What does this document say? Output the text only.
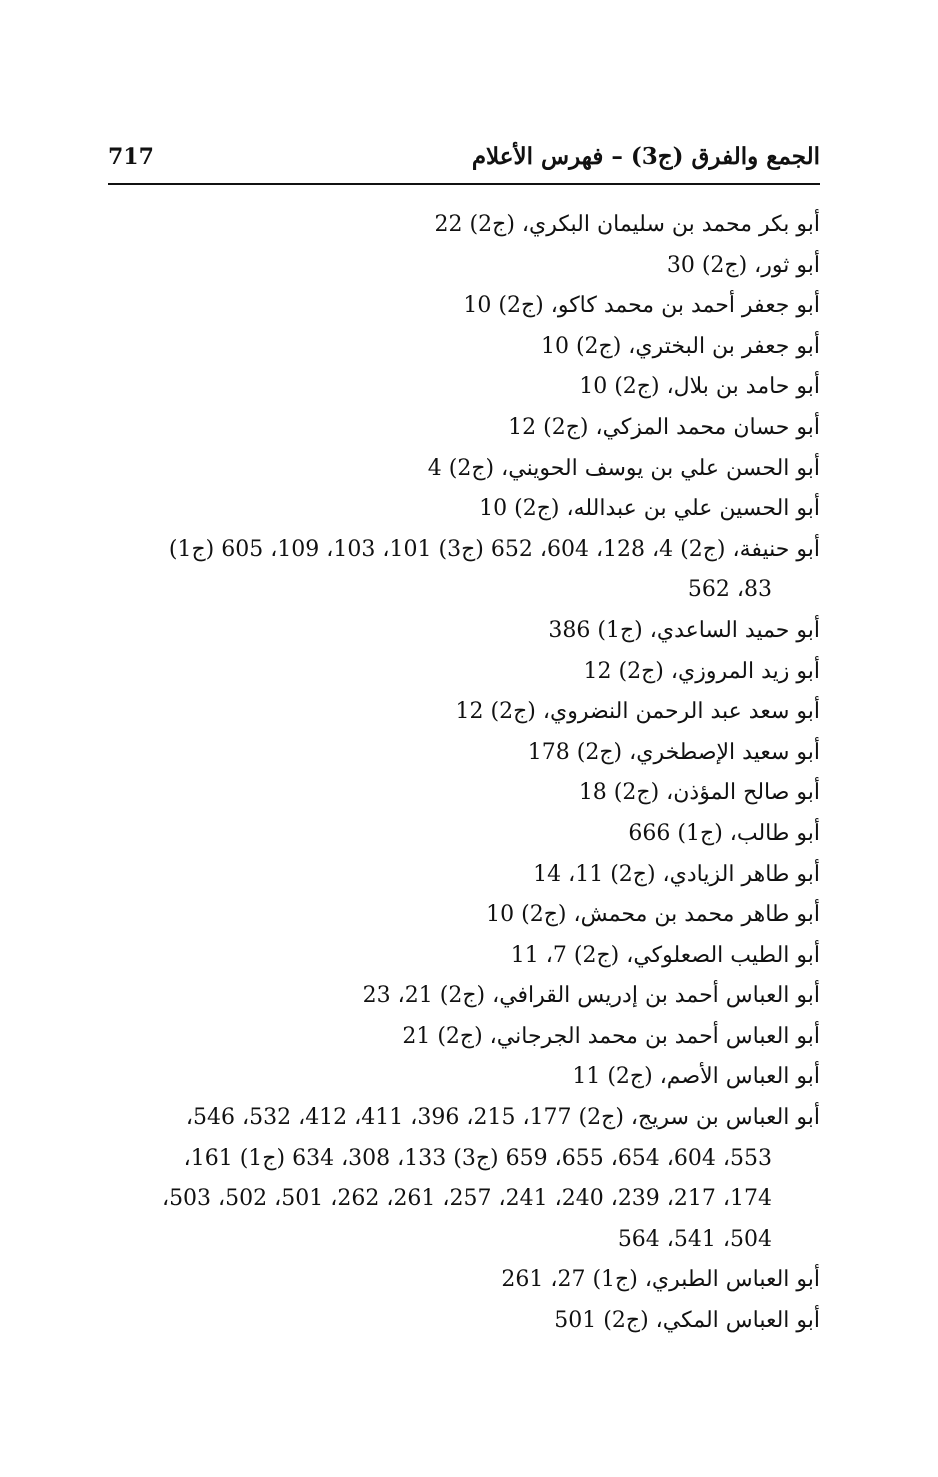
الجمع والفرق (ج3) – فهرس الأعلام
717

أبو بكر محمد بن سليمان البكري، (ج2) 22

أبو ثور، (ج2) 30

أبو جعفر أحمد بن محمد كاكو، (ج2) 10

أبو جعفر بن البختري، (ج2) 10

أبو حامد بن بلال، (ج2) 10

أبو حسان محمد المزكي، (ج2) 12

أبو الحسن علي بن يوسف الحويني، (ج2) 4

أبو الحسين علي بن عبدالله، (ج2) 10

أبو حنيفة، (ج2) 4، 128، 604، 652 (ج3) 101، 103، 109، 605 (ج1)
83، 562

أبو حميد الساعدي، (ج1) 386

أبو زيد المروزي، (ج2) 12

أبو سعد عبد الرحمن النضروي، (ج2) 12

أبو سعيد الإصطخري، (ج2) 178

أبو صالح المؤذن، (ج2) 18

أبو طالب، (ج1) 666

أبو طاهر الزيادي، (ج2) 11، 14

أبو طاهر محمد بن محمش، (ج2) 10

أبو الطيب الصعلوكي، (ج2) 7، 11

أبو العباس أحمد بن إدريس القرافي، (ج2) 21، 23

أبو العباس أحمد بن محمد الجرجاني، (ج2) 21

أبو العباس الأصم، (ج2) 11

أبو العباس بن سريج، (ج2) 177، 215، 396، 411، 412، 532، 546،
553، 604، 654، 655، 659 (ج3) 133، 308، 634 (ج1) 161،
174، 217، 239، 240، 241، 257، 261، 262، 501، 502، 503،
504، 541، 564

أبو العباس الطبري، (ج1) 27، 261

أبو العباس المكي، (ج2) 501
